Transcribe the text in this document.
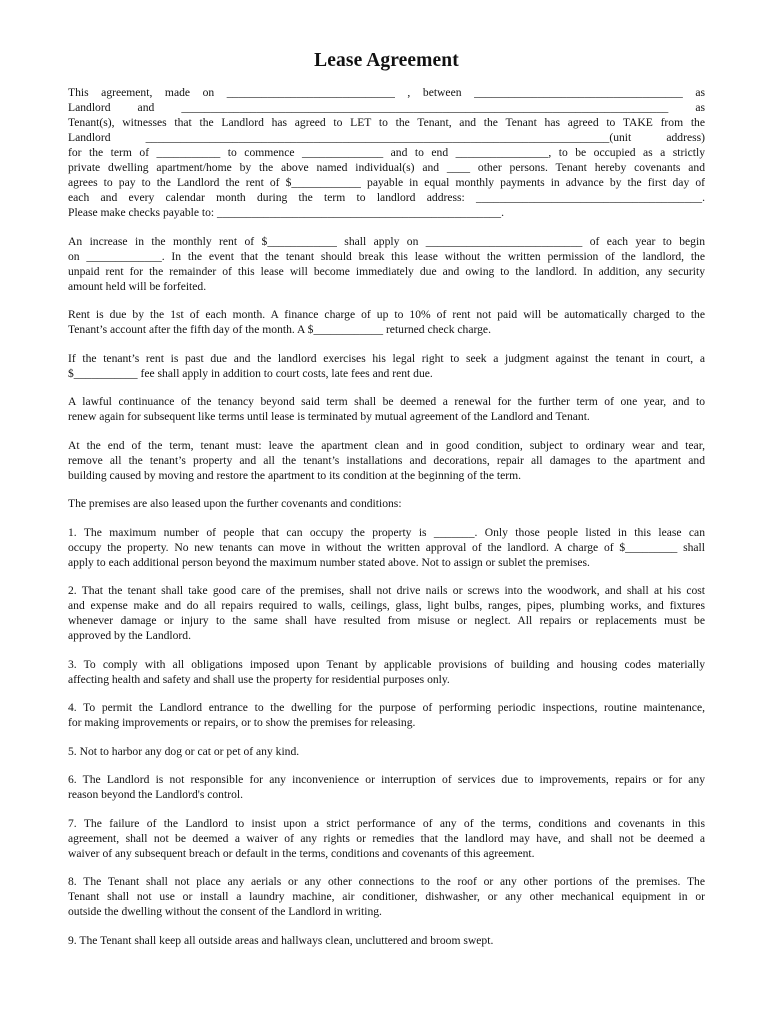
Lease Agreement
This agreement, made on _____________________________ , between ____________________________________ as
Landlord and ____________________________________________________________________________________ as
Tenant(s), witnesses that the Landlord has agreed to LET to the Tenant, and the Tenant has agreed to TAKE from the
Landlord ________________________________________________________________________________(unit address)
for the term of ___________ to commence ______________ and to end ________________, to be occupied as a strictly
private dwelling apartment/home by the above named individual(s) and ____ other persons. Tenant hereby covenants and
agrees to pay to the Landlord the rent of $____________ payable in equal monthly payments in advance by the first day of
each and every calendar month during the term to landlord address: _______________________________________.
Please make checks payable to: _________________________________________________.
An increase in the monthly rent of $____________ shall apply on ___________________________ of each year to begin
on _____________. In the event that the tenant should break this lease without the written permission of the landlord, the
unpaid rent for the remainder of this lease will become immediately due and owing to the landlord. In addition, any security
amount held will be forfeited.
Rent is due by the 1st of each month. A finance charge of up to 10% of rent not paid will be automatically charged to the
Tenant’s account after the fifth day of the month. A $____________ returned check charge.
If the tenant’s rent is past due and the landlord exercises his legal right to seek a judgment against the tenant in court, a
$___________ fee shall apply in addition to court costs, late fees and rent due.
A lawful continuance of the tenancy beyond said term shall be deemed a renewal for the further term of one year, and to
renew again for subsequent like terms until lease is terminated by mutual agreement of the Landlord and Tenant.
At the end of the term, tenant must: leave the apartment clean and in good condition, subject to ordinary wear and tear,
remove all the tenant’s property and all the tenant’s installations and decorations, repair all damages to the apartment and
building caused by moving and restore the apartment to its condition at the beginning of the term.
The premises are also leased upon the further covenants and conditions:
1. The maximum number of people that can occupy the property is _______. Only those people listed in this lease can
occupy the property. No new tenants can move in without the written approval of the landlord. A charge of $_________ shall
apply to each additional person beyond the maximum number stated above. Not to assign or sublet the premises.
2. That the tenant shall take good care of the premises, shall not drive nails or screws into the woodwork, and shall at his cost
and expense make and do all repairs required to walls, ceilings, glass, light bulbs, ranges, pipes, plumbing works, and fixtures
whenever damage or injury to the same shall have resulted from misuse or neglect. All repairs or replacements must be
approved by the Landlord.
3. To comply with all obligations imposed upon Tenant by applicable provisions of building and housing codes materially
affecting health and safety and shall use the property for residential purposes only.
4. To permit the Landlord entrance to the dwelling for the purpose of performing periodic inspections, routine maintenance,
for making improvements or repairs, or to show the premises for releasing.
5. Not to harbor any dog or cat or pet of any kind.
6. The Landlord is not responsible for any inconvenience or interruption of services due to improvements, repairs or for any
reason beyond the Landlord's control.
7. The failure of the Landlord to insist upon a strict performance of any of the terms, conditions and covenants in this
agreement, shall not be deemed a waiver of any rights or remedies that the landlord may have, and shall not be deemed a
waiver of any subsequent breach or default in the terms, conditions and covenants of this agreement.
8. The Tenant shall not place any aerials or any other connections to the roof or any other portions of the premises. The
Tenant shall not use or install a laundry machine, air conditioner, dishwasher, or any other mechanical equipment in or
outside the dwelling without the consent of the Landlord in writing.
9. The Tenant shall keep all outside areas and hallways clean, uncluttered and broom swept.
